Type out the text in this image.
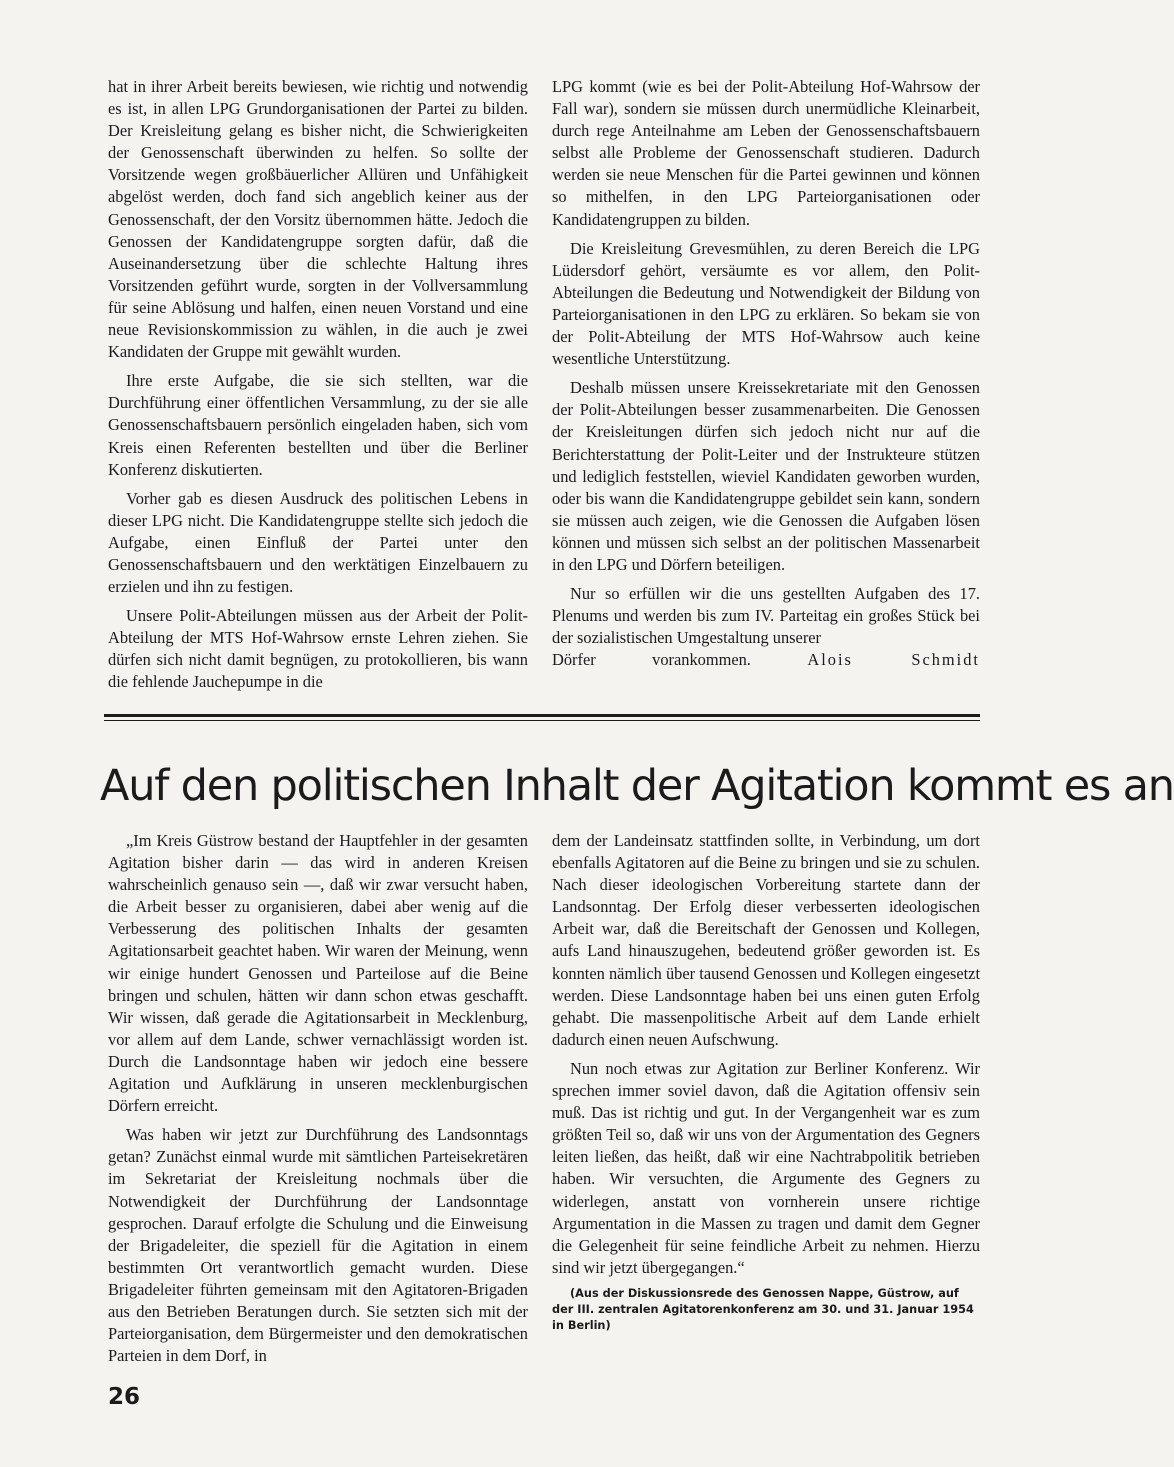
hat in ihrer Arbeit bereits bewiesen, wie richtig und notwendig es ist, in allen LPG Grundorganisationen der Partei zu bilden. Der Kreisleitung gelang es bisher nicht, die Schwierigkeiten der Genossenschaft überwinden zu helfen. So sollte der Vorsitzende wegen großbäuerlicher Allüren und Unfähigkeit abgelöst werden, doch fand sich angeblich keiner aus der Genossenschaft, der den Vorsitz übernommen hätte. Jedoch die Genossen der Kandidatengruppe sorgten dafür, daß die Auseinandersetzung über die schlechte Haltung ihres Vorsitzenden geführt wurde, sorgten in der Vollversammlung für seine Ablösung und halfen, einen neuen Vorstand und eine neue Revisionskommission zu wählen, in die auch je zwei Kandidaten der Gruppe mit gewählt wurden.

Ihre erste Aufgabe, die sie sich stellten, war die Durchführung einer öffentlichen Versammlung, zu der sie alle Genossenschaftsbauern persönlich eingeladen haben, sich vom Kreis einen Referenten bestellten und über die Berliner Konferenz diskutierten.

Vorher gab es diesen Ausdruck des politischen Lebens in dieser LPG nicht. Die Kandidatengruppe stellte sich jedoch die Aufgabe, einen Einfluß der Partei unter den Genossenschaftsbauern und den werktätigen Einzelbauern zu erzielen und ihn zu festigen.

Unsere Polit-Abteilungen müssen aus der Arbeit der Polit-Abteilung der MTS Hof-Wahrsow ernste Lehren ziehen. Sie dürfen sich nicht damit begnügen, zu protokollieren, bis wann die fehlende Jauchepumpe in die

LPG kommt (wie es bei der Polit-Abteilung Hof-Wahrsow der Fall war), sondern sie müssen durch unermüdliche Kleinarbeit, durch rege Anteilnahme am Leben der Genossenschaftsbauern selbst alle Probleme der Genossenschaft studieren. Dadurch werden sie neue Menschen für die Partei gewinnen und können so mithelfen, in den LPG Parteiorganisationen oder Kandidatengruppen zu bilden.

Die Kreisleitung Grevesmühlen, zu deren Bereich die LPG Lüdersdorf gehört, versäumte es vor allem, den Polit-Abteilungen die Bedeutung und Notwendigkeit der Bildung von Parteiorganisationen in den LPG zu erklären. So bekam sie von der Polit-Abteilung der MTS Hof-Wahrsow auch keine wesentliche Unterstützung.

Deshalb müssen unsere Kreissekretariate mit den Genossen der Polit-Abteilungen besser zusammenarbeiten. Die Genossen der Kreisleitungen dürfen sich jedoch nicht nur auf die Berichterstattung der Polit-Leiter und der Instrukteure stützen und lediglich feststellen, wieviel Kandidaten geworben wurden, oder bis wann die Kandidatengruppe gebildet sein kann, sondern sie müssen auch zeigen, wie die Genossen die Aufgaben lösen können und müssen sich selbst an der politischen Massenarbeit in den LPG und Dörfern beteiligen.

Nur so erfüllen wir die uns gestellten Aufgaben des 17. Plenums und werden bis zum IV. Parteitag ein großes Stück bei der sozialistischen Umgestaltung unserer

Dörfer vorankommen.	Alois Schmidt

Auf den politischen Inhalt der Agitation kommt es an

„Im Kreis Güstrow bestand der Hauptfehler in der gesamten Agitation bisher darin — das wird in anderen Kreisen wahrscheinlich genauso sein —, daß wir zwar versucht haben, die Arbeit besser zu organisieren, dabei aber wenig auf die Verbesserung des politischen Inhalts der gesamten Agitationsarbeit geachtet haben. Wir waren der Meinung, wenn wir einige hundert Genossen und Parteilose auf die Beine bringen und schulen, hätten wir dann schon etwas geschafft. Wir wissen, daß gerade die Agitationsarbeit in Mecklenburg, vor allem auf dem Lande, schwer vernachlässigt worden ist. Durch die Landsonntage haben wir jedoch eine bessere Agitation und Aufklärung in unseren mecklenburgischen Dörfern erreicht.

Was haben wir jetzt zur Durchführung des Landsonntags getan? Zunächst einmal wurde mit sämtlichen Parteisekretären im Sekretariat der Kreisleitung nochmals über die Notwendigkeit der Durchführung der Landsonntage gesprochen. Darauf erfolgte die Schulung und die Einweisung der Brigadeleiter, die speziell für die Agitation in einem bestimmten Ort verantwortlich gemacht wurden. Diese Brigadeleiter führten gemeinsam mit den Agitatoren-Brigaden aus den Betrieben Beratungen durch. Sie setzten sich mit der Parteiorganisation, dem Bürgermeister und den demokratischen Parteien in dem Dorf, in

dem der Landeinsatz stattfinden sollte, in Verbindung, um dort ebenfalls Agitatoren auf die Beine zu bringen und sie zu schulen. Nach dieser ideologischen Vorbereitung startete dann der Landsonntag. Der Erfolg dieser verbesserten ideologischen Arbeit war, daß die Bereitschaft der Genossen und Kollegen, aufs Land hinauszugehen, bedeutend größer geworden ist. Es konnten nämlich über tausend Genossen und Kollegen eingesetzt werden. Diese Landsonntage haben bei uns einen guten Erfolg gehabt. Die massenpolitische Arbeit auf dem Lande erhielt dadurch einen neuen Aufschwung.

Nun noch etwas zur Agitation zur Berliner Konferenz. Wir sprechen immer soviel davon, daß die Agitation offensiv sein muß. Das ist richtig und gut. In der Vergangenheit war es zum größten Teil so, daß wir uns von der Argumentation des Gegners leiten ließen, das heißt, daß wir eine Nachtrabpolitik betrieben haben. Wir versuchten, die Argumente des Gegners zu widerlegen, anstatt von vornherein unsere richtige Argumentation in die Massen zu tragen und damit dem Gegner die Gelegenheit für seine feindliche Arbeit zu nehmen. Hierzu sind wir jetzt übergegangen.“

(Aus der Diskussionsrede des Genossen Nappe, Güstrow, auf der III. zentralen Agitatorenkonferenz am 30. und 31. Januar 1954 in Berlin)

26
